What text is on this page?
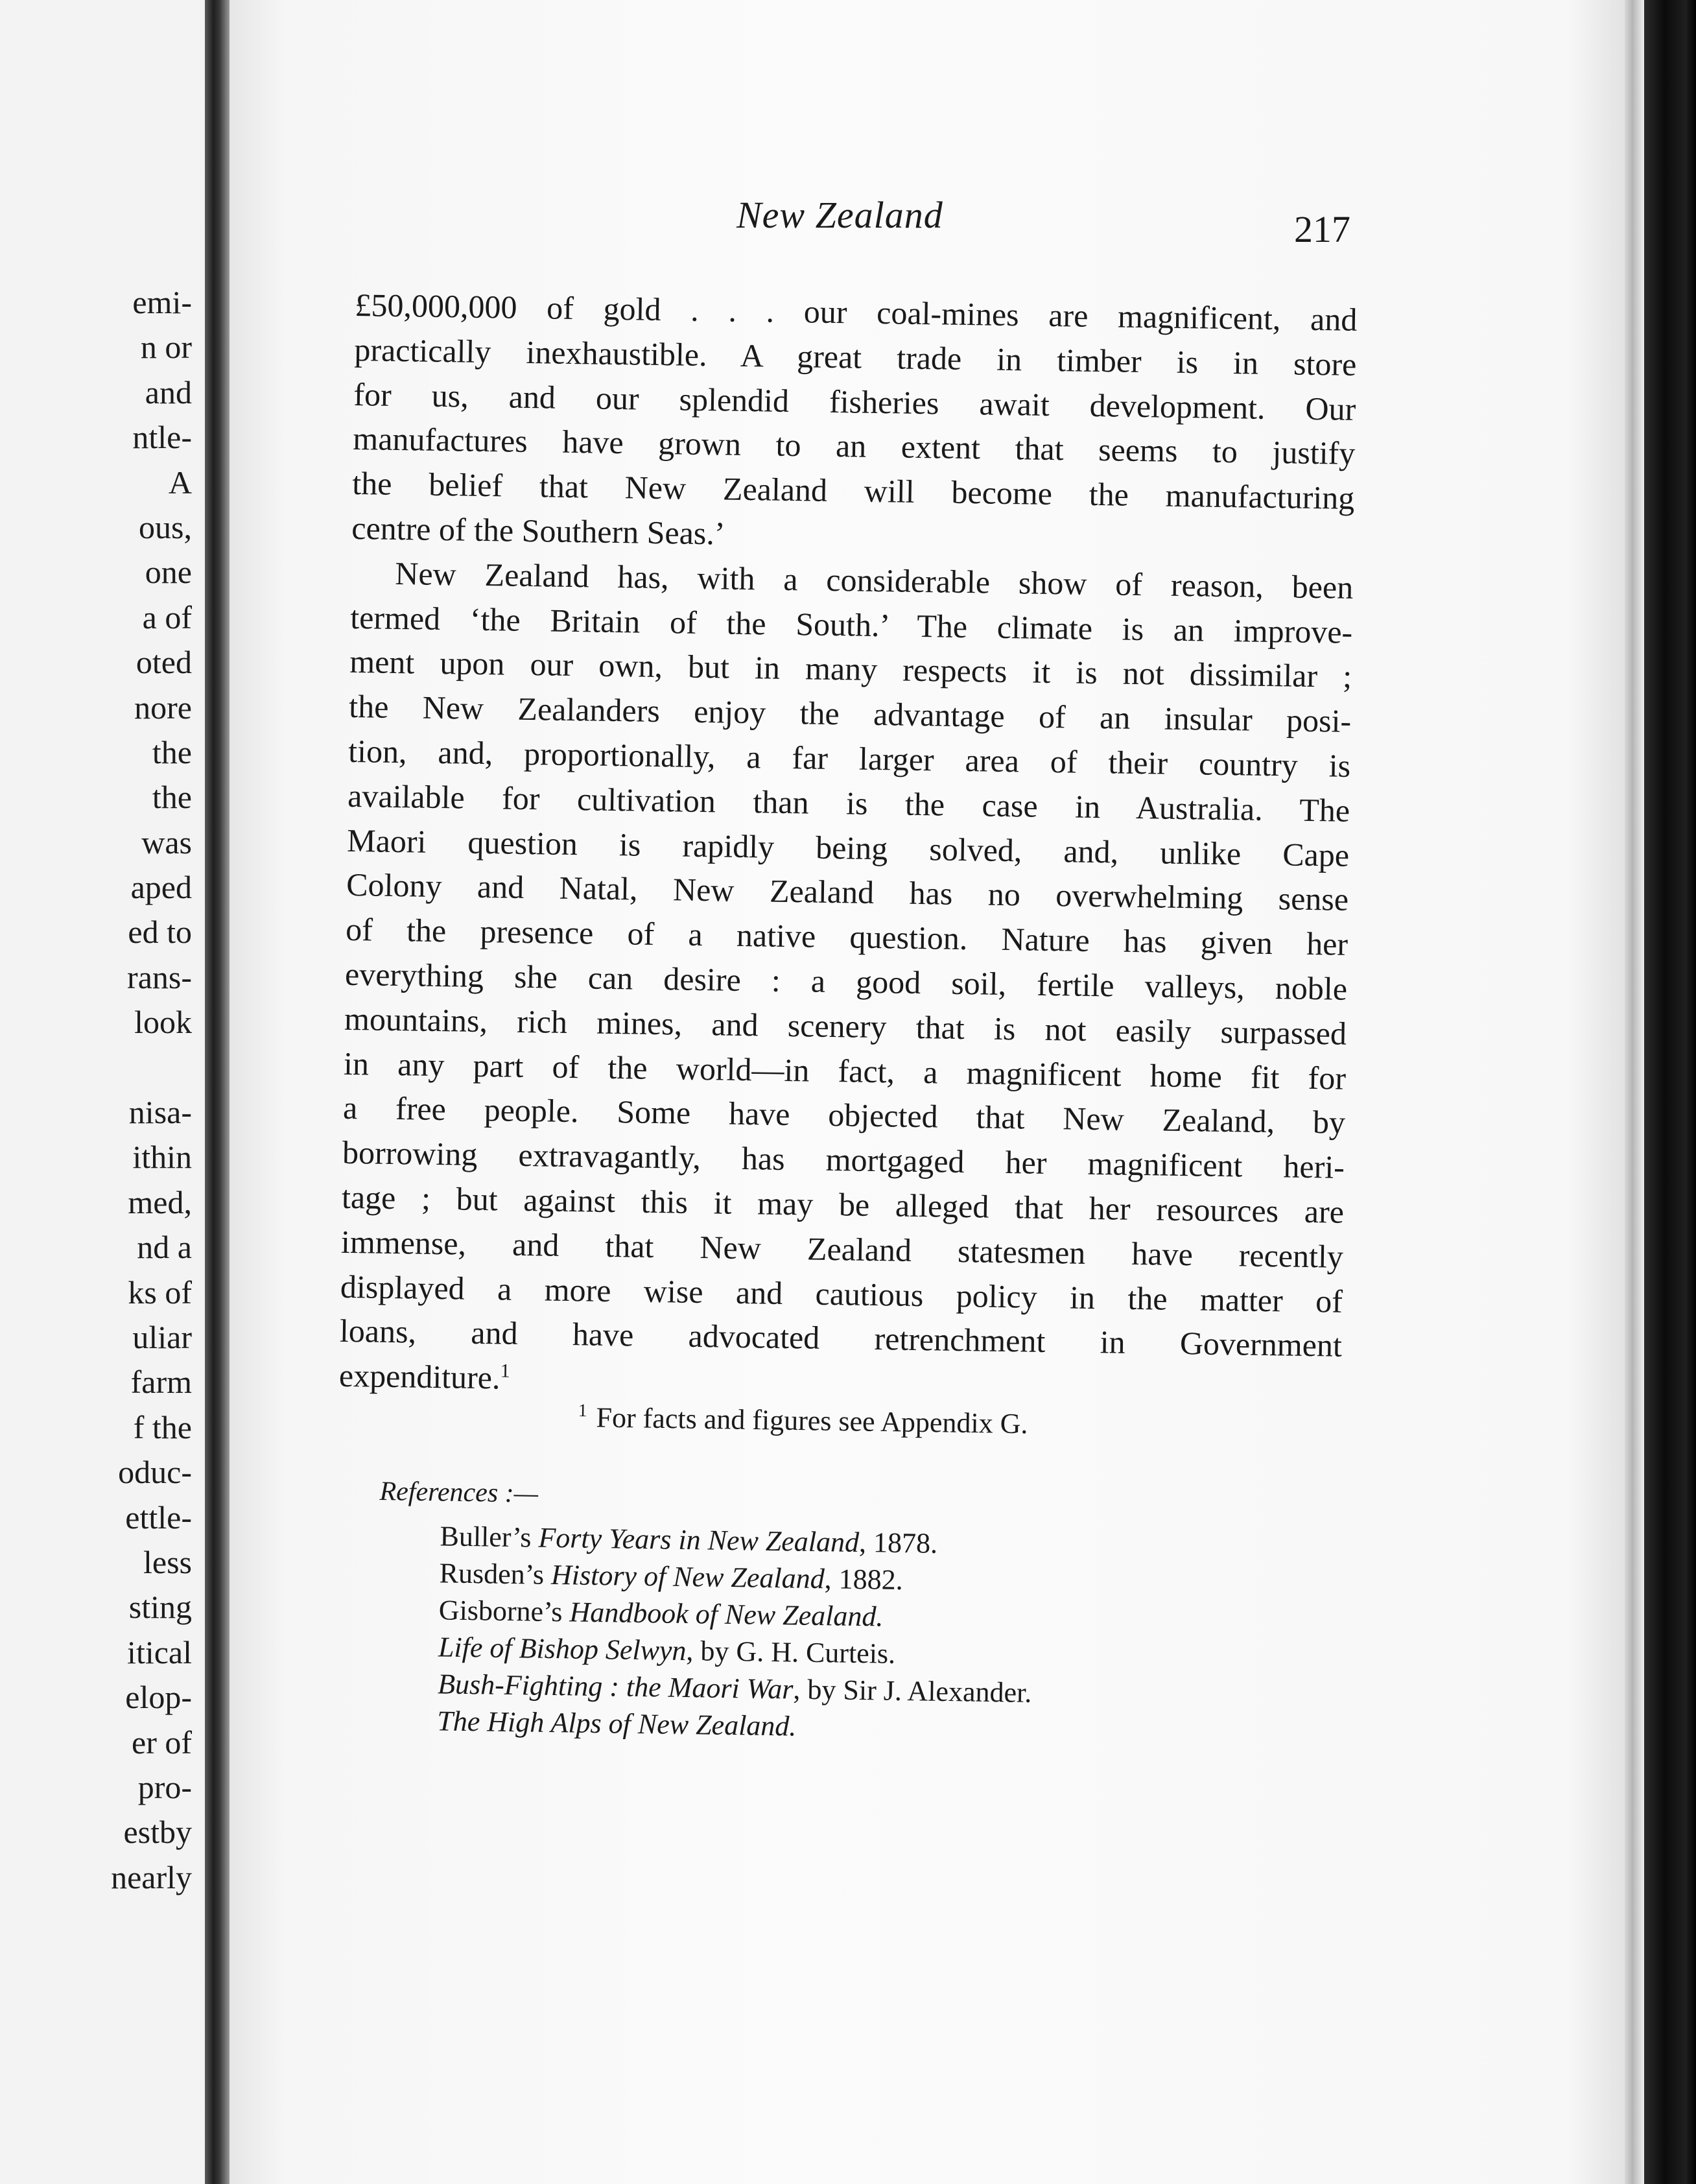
emi-
n or
and
ntle-
A
ous,
one
a of
oted
nore
the
the
was
aped
ed to
rans-
look
nisa-
ithin
med,
nd a
ks of
uliar
farm
f the
oduc-
ettle-
less
sting
itical
elop-
er of
pro-
estby
nearly
New Zealand	217
£50,000,000 of gold . . . our coal-mines are magnificent, and
practically inexhaustible. A great trade in timber is in store
for us, and our splendid fisheries await development. Our
manufactures have grown to an extent that seems to justify
the belief that New Zealand will become the manufacturing
centre of the Southern Seas.’
New Zealand has, with a considerable show of reason, been
termed ‘the Britain of the South.’ The climate is an improve-
ment upon our own, but in many respects it is not dissimilar ;
the New Zealanders enjoy the advantage of an insular posi-
tion, and, proportionally, a far larger area of their country is
available for cultivation than is the case in Australia. The
Maori question is rapidly being solved, and, unlike Cape
Colony and Natal, New Zealand has no overwhelming sense
of the presence of a native question. Nature has given her
everything she can desire : a good soil, fertile valleys, noble
mountains, rich mines, and scenery that is not easily surpassed
in any part of the world—in fact, a magnificent home fit for
a free people. Some have objected that New Zealand, by
borrowing extravagantly, has mortgaged her magnificent heri-
tage ; but against this it may be alleged that her resources are
immense, and that New Zealand statesmen have recently
displayed a more wise and cautious policy in the matter of
loans, and have advocated retrenchment in Government
expenditure.$^1$
$^1$ For facts and figures see Appendix G.
References :—
Buller’s Forty Years in New Zealand, 1878.
Rusden’s History of New Zealand, 1882.
Gisborne’s Handbook of New Zealand.
Life of Bishop Selwyn, by G. H. Curteis.
Bush-Fighting : the Maori War, by Sir J. Alexander.
The High Alps of New Zealand.
